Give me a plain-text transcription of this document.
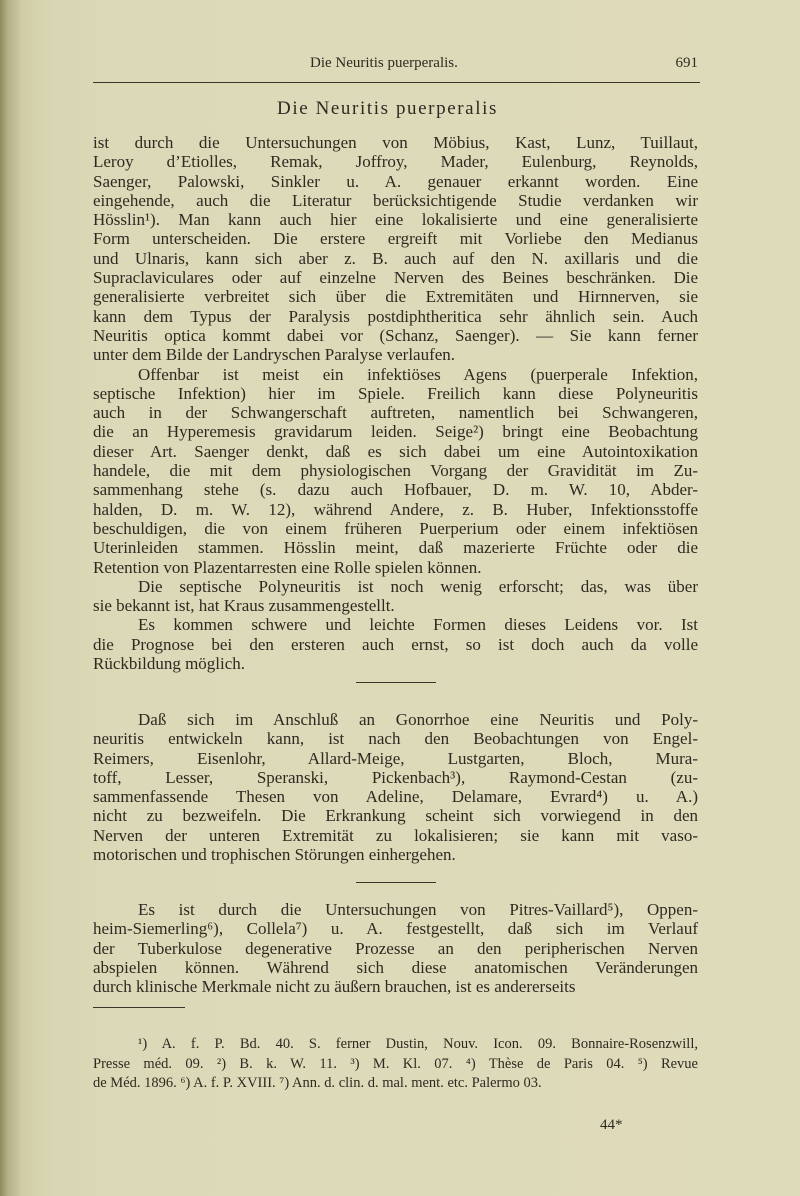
Die Neuritis puerperalis.	691
Die Neuritis puerperalis
ist durch die Untersuchungen von Möbius, Kast, Lunz, Tuillaut,
Leroy d’Etiolles, Remak, Joffroy, Mader, Eulenburg, Reynolds,
Saenger, Palowski, Sinkler u. A. genauer erkannt worden. Eine
eingehende, auch die Literatur berücksichtigende Studie verdanken wir
Hösslin¹). Man kann auch hier eine lokalisierte und eine generalisierte
Form unterscheiden. Die erstere ergreift mit Vorliebe den Medianus
und Ulnaris, kann sich aber z. B. auch auf den N. axillaris und die
Supraclaviculares oder auf einzelne Nerven des Beines beschränken. Die
generalisierte verbreitet sich über die Extremitäten und Hirnnerven, sie
kann dem Typus der Paralysis postdiphtheritica sehr ähnlich sein. Auch
Neuritis optica kommt dabei vor (Schanz, Saenger). — Sie kann ferner
unter dem Bilde der Landryschen Paralyse verlaufen.
Offenbar ist meist ein infektiöses Agens (puerperale Infektion,
septische Infektion) hier im Spiele. Freilich kann diese Polyneuritis
auch in der Schwangerschaft auftreten, namentlich bei Schwangeren,
die an Hyperemesis gravidarum leiden. Seige²) bringt eine Beobachtung
dieser Art. Saenger denkt, daß es sich dabei um eine Autointoxikation
handele, die mit dem physiologischen Vorgang der Gravidität im Zu-
sammenhang stehe (s. dazu auch Hofbauer, D. m. W. 10, Abder-
halden, D. m. W. 12), während Andere, z. B. Huber, Infektionsstoffe
beschuldigen, die von einem früheren Puerperium oder einem infektiösen
Uterinleiden stammen. Hösslin meint, daß mazerierte Früchte oder die
Retention von Plazentarresten eine Rolle spielen können.
Die septische Polyneuritis ist noch wenig erforscht; das, was über
sie bekannt ist, hat Kraus zusammengestellt.
Es kommen schwere und leichte Formen dieses Leidens vor. Ist
die Prognose bei den ersteren auch ernst, so ist doch auch da volle
Rückbildung möglich.
Daß sich im Anschluß an Gonorrhoe eine Neuritis und Poly-
neuritis entwickeln kann, ist nach den Beobachtungen von Engel-
Reimers, Eisenlohr, Allard-Meige, Lustgarten, Bloch, Mura-
toff, Lesser, Speranski, Pickenbach³), Raymond-Cestan (zu-
sammenfassende Thesen von Adeline, Delamare, Evrard⁴) u. A.)
nicht zu bezweifeln. Die Erkrankung scheint sich vorwiegend in den
Nerven der unteren Extremität zu lokalisieren; sie kann mit vaso-
motorischen und trophischen Störungen einhergehen.
Es ist durch die Untersuchungen von Pitres-Vaillard⁵), Oppen-
heim-Siemerling⁶), Collela⁷) u. A. festgestellt, daß sich im Verlauf
der Tuberkulose degenerative Prozesse an den peripherischen Nerven
abspielen können. Während sich diese anatomischen Veränderungen
durch klinische Merkmale nicht zu äußern brauchen, ist es andererseits
¹) A. f. P. Bd. 40. S. ferner Dustin, Nouv. Icon. 09. Bonnaire-Rosenzwill,
Presse méd. 09. ²) B. k. W. 11. ³) M. Kl. 07. ⁴) Thèse de Paris 04. ⁵) Revue
de Méd. 1896. ⁶) A. f. P. XVIII. ⁷) Ann. d. clin. d. mal. ment. etc. Palermo 03.
44*
